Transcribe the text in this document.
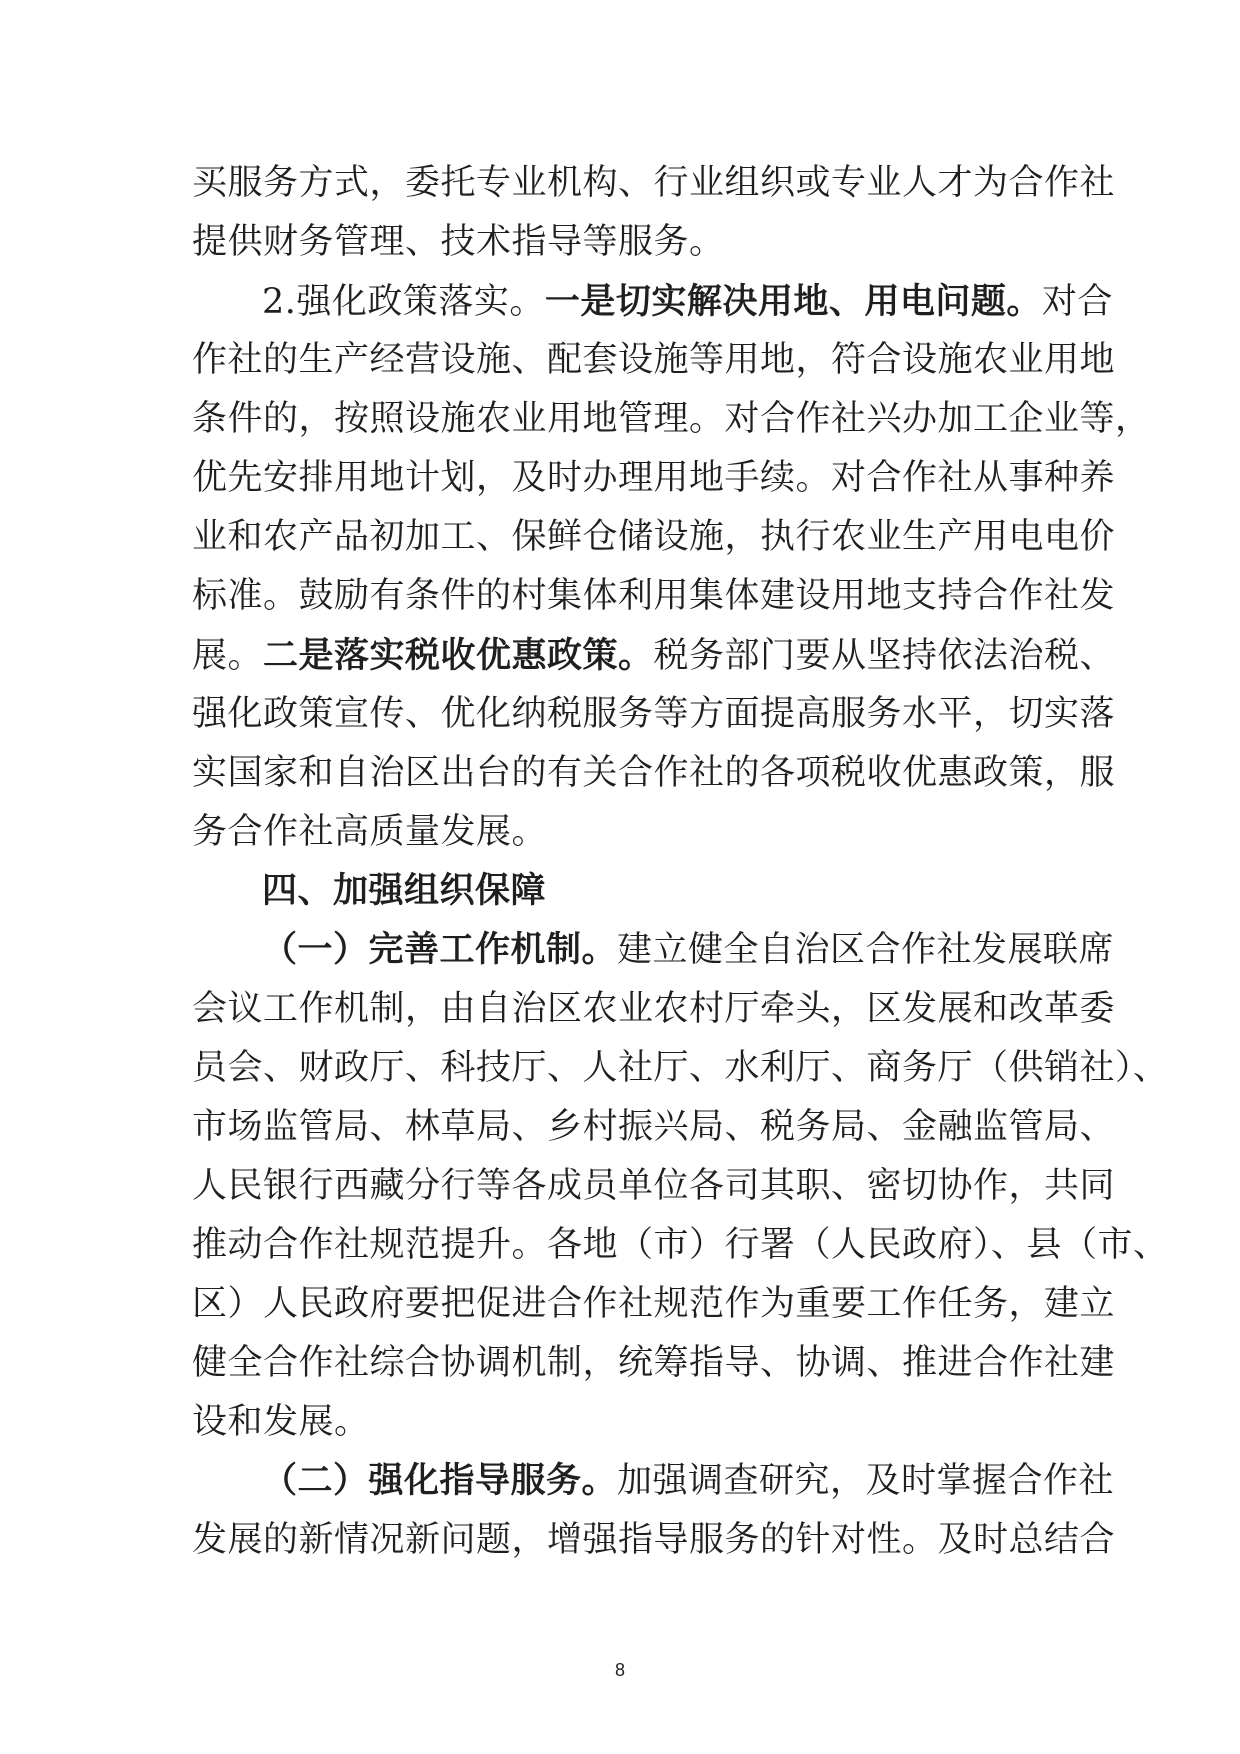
买服务方式，委托专业机构、行业组织或专业人才为合作社
提供财务管理、技术指导等服务。
2.强化政策落实。一是切实解决用地、用电问题。对合
作社的生产经营设施、配套设施等用地，符合设施农业用地
条件的，按照设施农业用地管理。对合作社兴办加工企业等，
优先安排用地计划，及时办理用地手续。对合作社从事种养
业和农产品初加工、保鲜仓储设施，执行农业生产用电电价
标准。鼓励有条件的村集体利用集体建设用地支持合作社发
展。二是落实税收优惠政策。税务部门要从坚持依法治税、
强化政策宣传、优化纳税服务等方面提高服务水平，切实落
实国家和自治区出台的有关合作社的各项税收优惠政策，服
务合作社高质量发展。
四、加强组织保障
（一）完善工作机制。建立健全自治区合作社发展联席
会议工作机制，由自治区农业农村厅牵头，区发展和改革委
员会、财政厅、科技厅、人社厅、水利厅、商务厅（供销社）、
市场监管局、林草局、乡村振兴局、税务局、金融监管局、
人民银行西藏分行等各成员单位各司其职、密切协作，共同
推动合作社规范提升。各地（市）行署（人民政府）、县（市、
区）人民政府要把促进合作社规范作为重要工作任务，建立
健全合作社综合协调机制，统筹指导、协调、推进合作社建
设和发展。
（二）强化指导服务。加强调查研究，及时掌握合作社
发展的新情况新问题，增强指导服务的针对性。及时总结合
8
